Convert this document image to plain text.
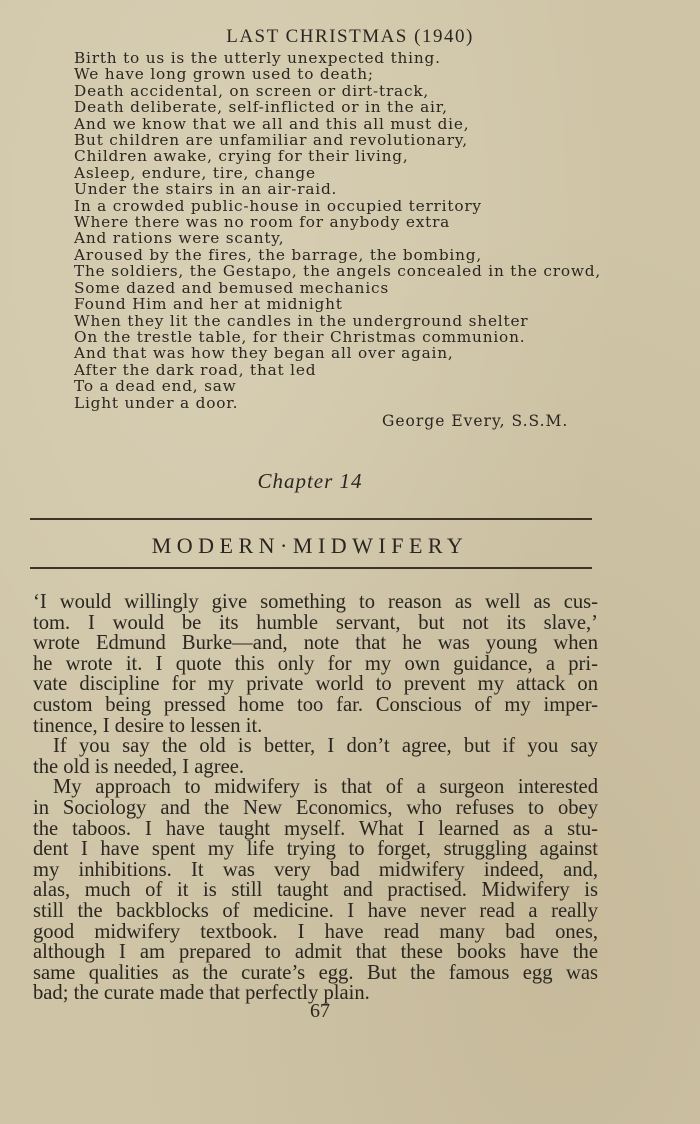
LAST CHRISTMAS (1940)
Birth to us is the utterly unexpected thing.
We have long grown used to death;
Death accidental, on screen or dirt-track,
Death deliberate, self-inflicted or in the air,
And we know that we all and this all must die,
But children are unfamiliar and revolutionary,
Children awake, crying for their living,
Asleep, endure, tire, change
Under the stairs in an air-raid.
In a crowded public-house in occupied territory
Where there was no room for anybody extra
And rations were scanty,
Aroused by the fires, the barrage, the bombing,
The soldiers, the Gestapo, the angels concealed in the crowd,
Some dazed and bemused mechanics
Found Him and her at midnight
When they lit the candles in the underground shelter
On the trestle table, for their Christmas communion.
And that was how they began all over again,
After the dark road, that led
To a dead end, saw
Light under a door.
George Every, S.S.M.
Chapter 14
MODERN·MIDWIFERY
‘I would willingly give something to reason as well as cus-
tom. I would be its humble servant, but not its slave,’
wrote Edmund Burke—and, note that he was young when
he wrote it. I quote this only for my own guidance, a pri-
vate discipline for my private world to prevent my attack on
custom being pressed home too far. Conscious of my imper-
tinence, I desire to lessen it.
If you say the old is better, I don’t agree, but if you say
the old is needed, I agree.
My approach to midwifery is that of a surgeon interested
in Sociology and the New Economics, who refuses to obey
the taboos. I have taught myself. What I learned as a stu-
dent I have spent my life trying to forget, struggling against
my inhibitions. It was very bad midwifery indeed, and,
alas, much of it is still taught and practised. Midwifery is
still the backblocks of medicine. I have never read a really
good midwifery textbook. I have read many bad ones,
although I am prepared to admit that these books have the
same qualities as the curate’s egg. But the famous egg was
bad; the curate made that perfectly plain.
67
